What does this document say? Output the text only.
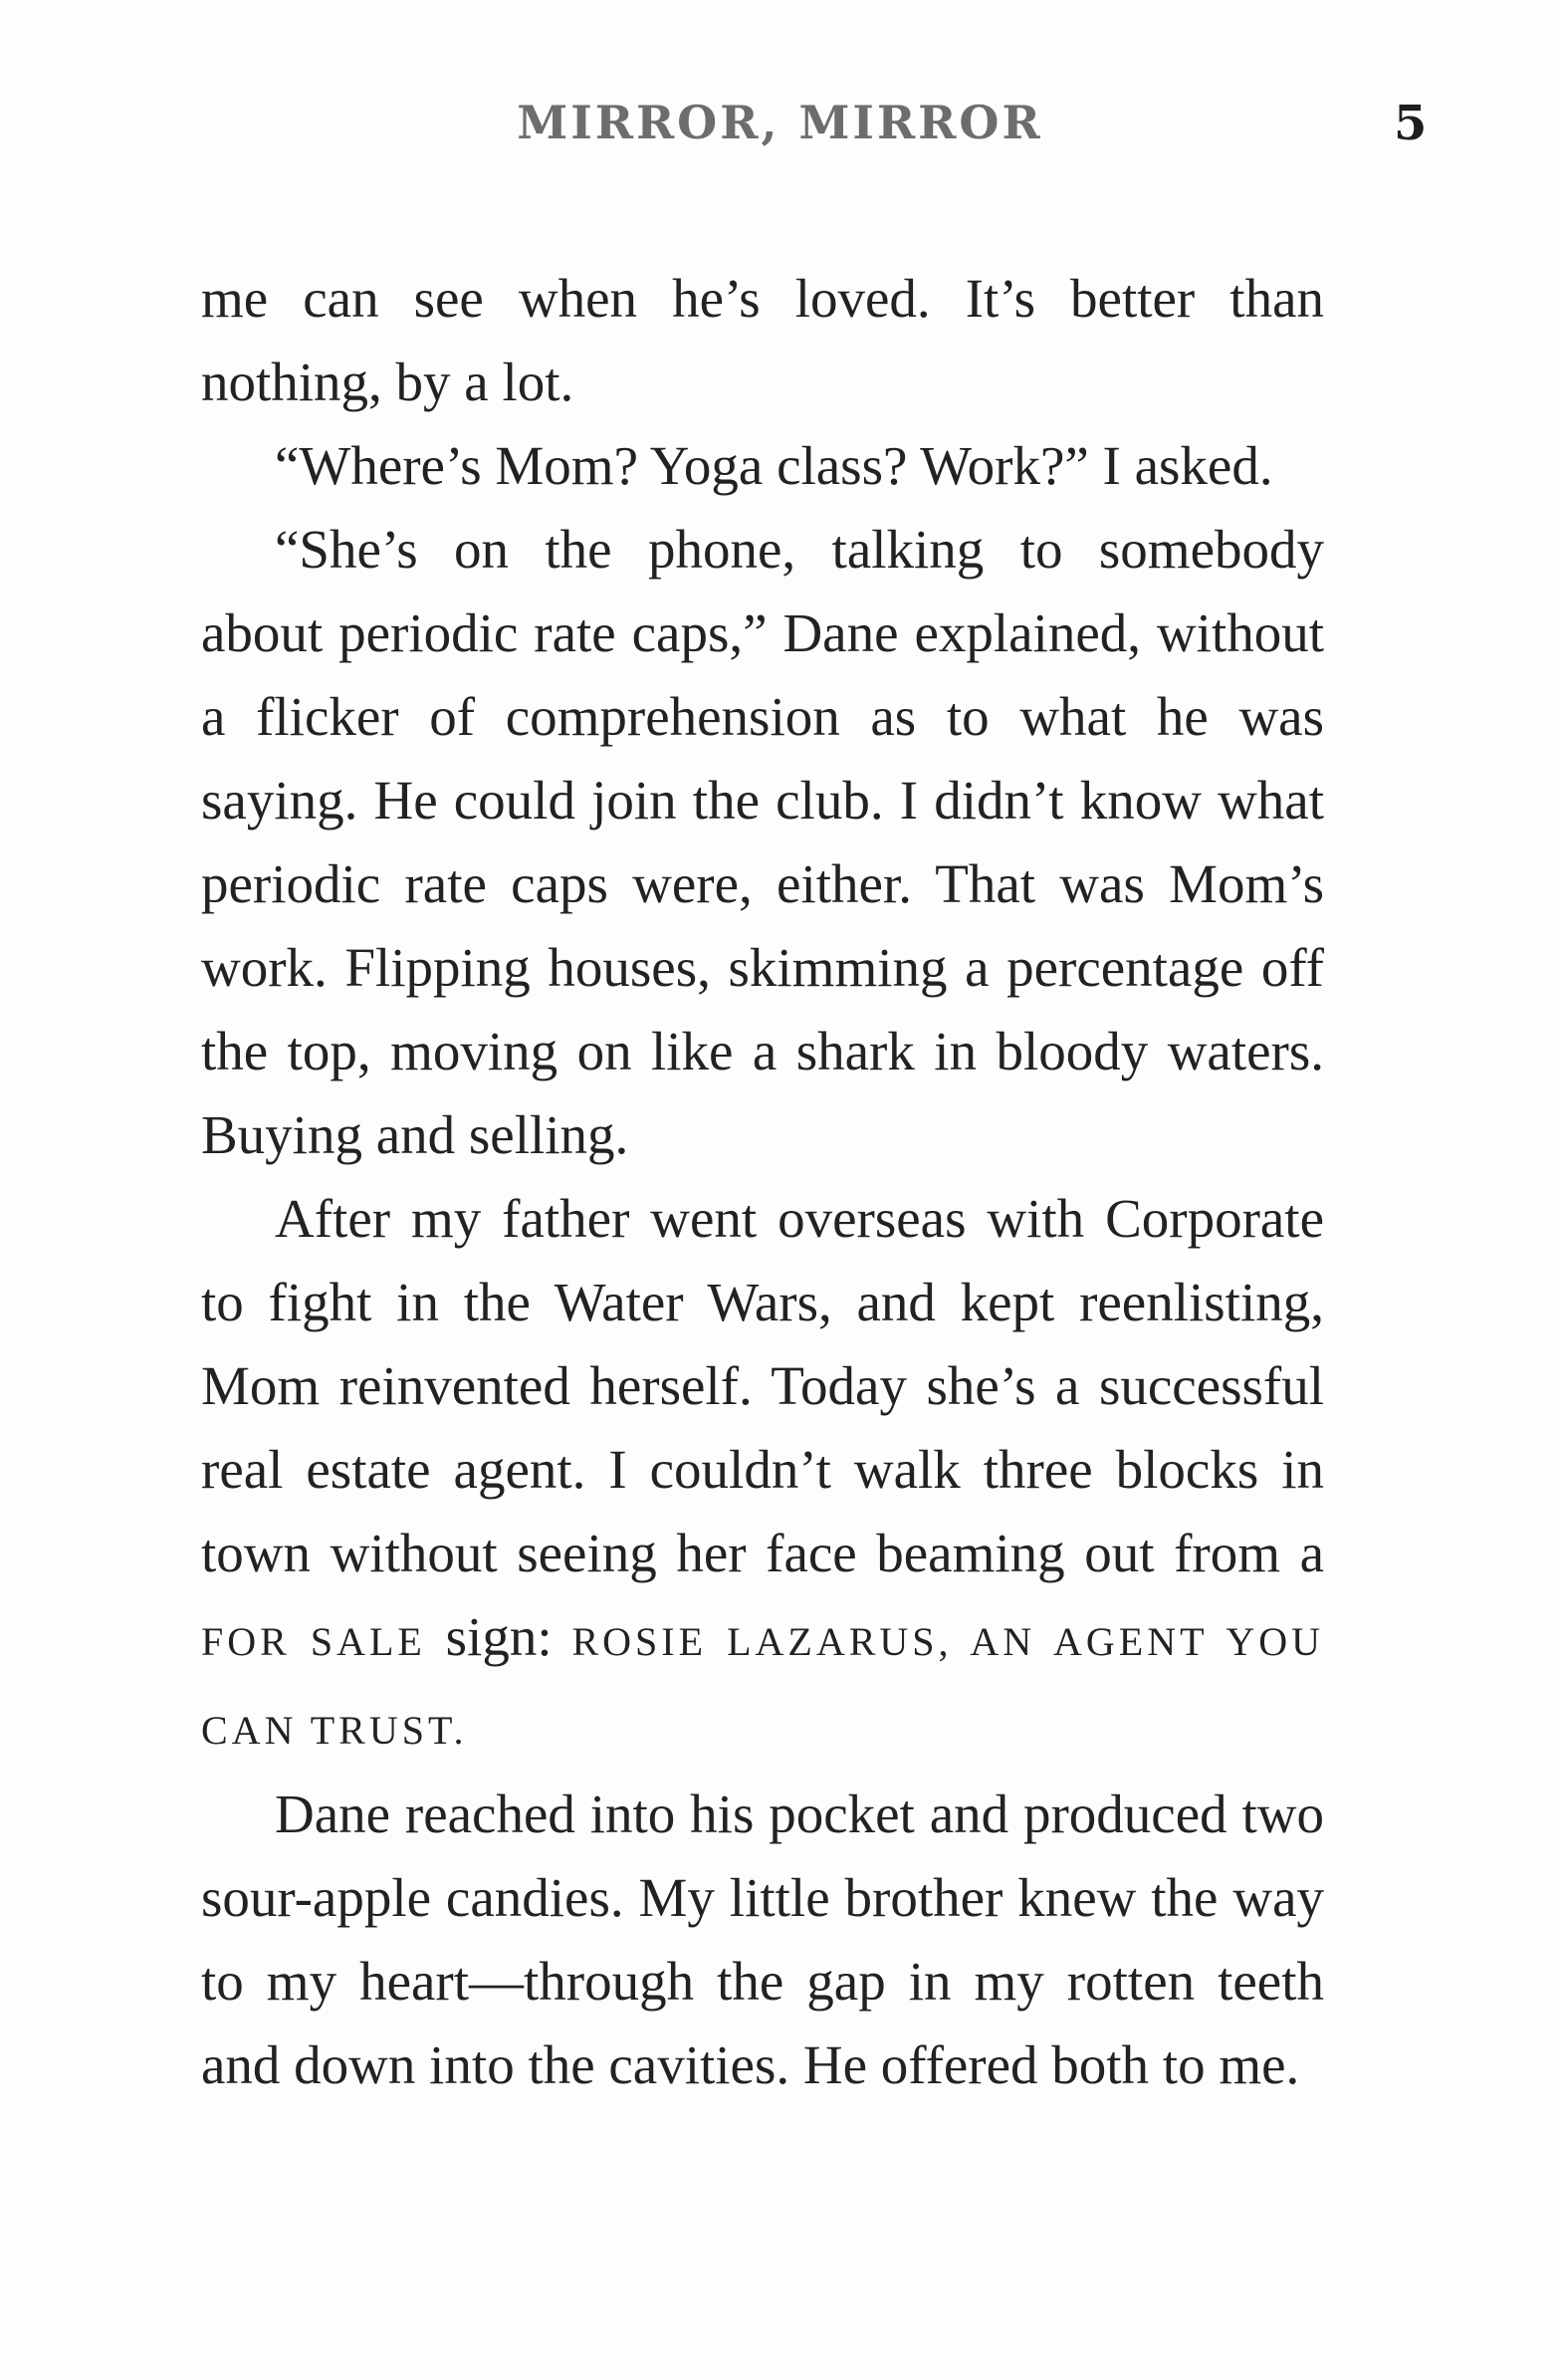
MIRROR, MIRROR	5

me can see when he’s loved. It’s better than nothing, by a lot.

“Where’s Mom? Yoga class? Work?” I asked.

“She’s on the phone, talking to somebody about periodic rate caps,” Dane explained, without a flicker of comprehension as to what he was saying. He could join the club. I didn’t know what periodic rate caps were, either. That was Mom’s work. Flipping houses, skimming a percentage off the top, moving on like a shark in bloody waters. Buying and selling.

After my father went overseas with Corporate to fight in the Water Wars, and kept reenlisting, Mom reinvented herself. Today she’s a successful real estate agent. I couldn’t walk three blocks in town without seeing her face beaming out from a FOR SALE sign: ROSIE LAZARUS, AN AGENT YOU CAN TRUST.

Dane reached into his pocket and produced two sour-apple candies. My little brother knew the way to my heart—through the gap in my rotten teeth and down into the cavities. He offered both to me.
